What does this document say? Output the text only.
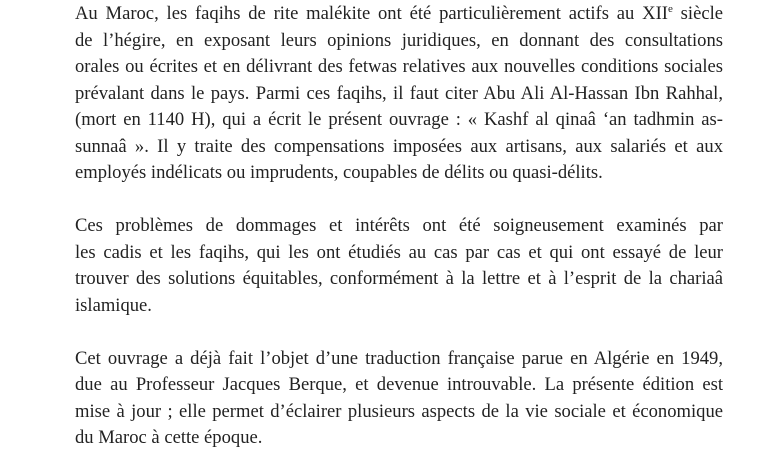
Au Maroc, les faqihs de rite malékite ont été particulièrement actifs au XIIe siècle
de l’hégire, en exposant leurs opinions juridiques, en donnant des consultations
orales ou écrites et en délivrant des fetwas relatives aux nouvelles conditions sociales
prévalant dans le pays. Parmi ces faqihs, il faut citer Abu Ali Al-Hassan Ibn Rahhal,
(mort en 1140 H), qui a écrit le présent ouvrage : « Kashf al qinaâ ‘an tadhmin as-
sunnaâ ». Il y traite des compensations imposées aux artisans, aux salariés et aux
employés indélicats ou imprudents, coupables de délits ou quasi-délits.
Ces problèmes de dommages et intérêts ont été soigneusement examinés par
les cadis et les faqihs, qui les ont étudiés au cas par cas et qui ont essayé de leur
trouver des solutions équitables, conformément à la lettre et à l’esprit de la chariaâ
islamique.
Cet ouvrage a déjà fait l’objet d’une traduction française parue en Algérie en 1949,
due au Professeur Jacques Berque, et devenue introuvable. La présente édition est
mise à jour ; elle permet d’éclairer plusieurs aspects de la vie sociale et économique
du Maroc à cette époque.
